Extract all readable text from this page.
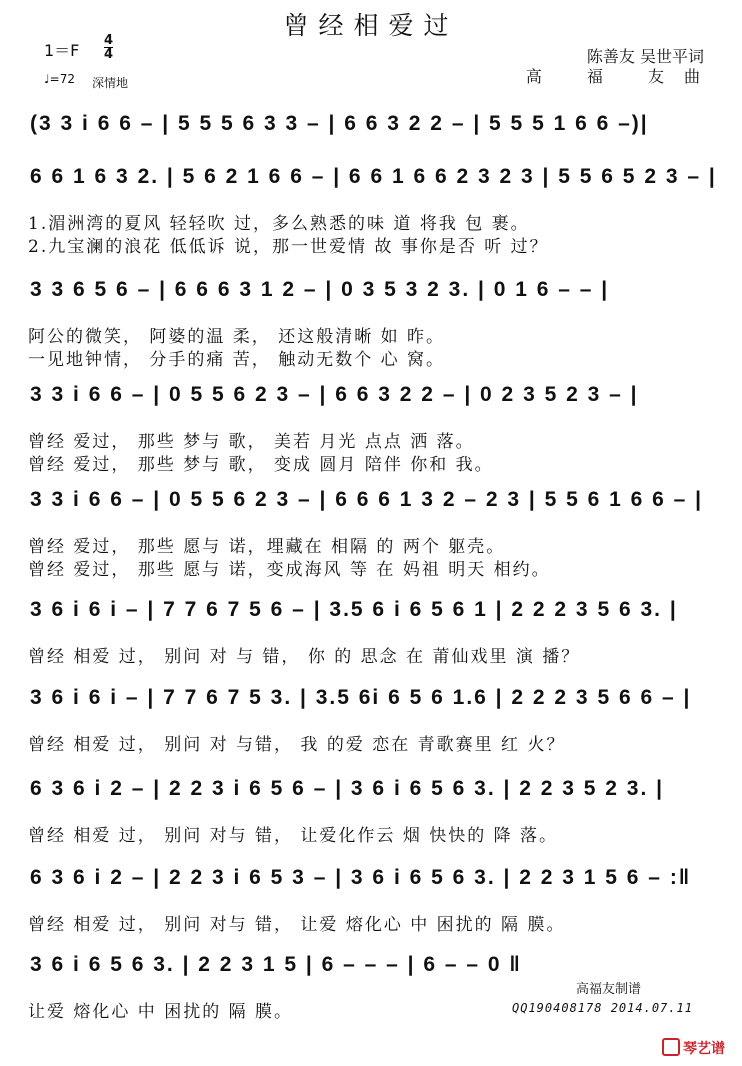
曾经相爱过
1＝F
4
4
♩=72 深情地
陈善友 吴世平词
高 福 友曲
(3 3 i 6 6 – | 5 5 5 6 3 3 – | 6 6 3 2 2 – | 5 5 5 1 6 6 –)|
6 6 1 6 3 2. | 5 6 2 1 6 6 – | 6 6 1 6 6 2 3 2 3 | 5 5 6 5 2 3 – |
1.湄洲湾的夏风 轻轻吹 过，多么熟悉的味 道 将我 包 裹。
2.九宝澜的浪花 低低诉 说，那一世爱情 故 事你是否 听 过？
3 3 6 5 6 – | 6 6 6 3 1 2 – | 0 3 5 3 2 3. | 0 1 6 – – |
阿公的微笑， 阿婆的温 柔， 还这般清晰 如 昨。
一见地钟情， 分手的痛 苦， 触动无数个 心 窝。
3 3 i 6 6 – | 0 5 5 6 2 3 – | 6 6 3 2 2 – | 0 2 3 5 2 3 – |
曾经 爱过， 那些 梦与 歌， 美若 月光 点点 洒 落。
曾经 爱过， 那些 梦与 歌， 变成 圆月 陪伴 你和 我。
3 3 i 6 6 – | 0 5 5 6 2 3 – | 6 6 6 1 3 2 – 2 3 | 5 5 6 1 6 6 – |
曾经 爱过， 那些 愿与 诺，埋藏在 相隔 的 两个 躯壳。
曾经 爱过， 那些 愿与 诺，变成海风 等 在 妈祖 明天 相约。
3 6 i 6 i – | 7 7 6 7 5 6 – | 3.5 6 i 6 5 6 1 | 2 2 2 3 5 6 3. |
曾经 相爱 过， 别问 对 与 错， 你 的 思念 在 莆仙戏里 演 播？
3 6 i 6 i – | 7 7 6 7 5 3. | 3.5 6i 6 5 6 1.6 | 2 2 2 3 5 6 6 – |
曾经 相爱 过， 别问 对 与错， 我 的爱 恋在 青歌赛里 红 火？
6 3 6 i 2 – | 2 2 3 i 6 5 6 – | 3 6 i 6 5 6 3. | 2 2 3 5 2 3. |
曾经 相爱 过， 别问 对与 错， 让爱化作云 烟 快快的 降 落。
6 3 6 i 2 – | 2 2 3 i 6 5 3 – | 3 6 i 6 5 6 3. | 2 2 3 1 5 6 – :‖
曾经 相爱 过， 别问 对与 错， 让爱 熔化心 中 困扰的 隔 膜。
3 6 i 6 5 6 3. | 2 2 3 1 5 | 6 – – – | 6 – – 0 ‖
让爱 熔化心 中 困扰的 隔 膜。
高福友制谱
QQ190408178 2014.07.11
琴艺谱
